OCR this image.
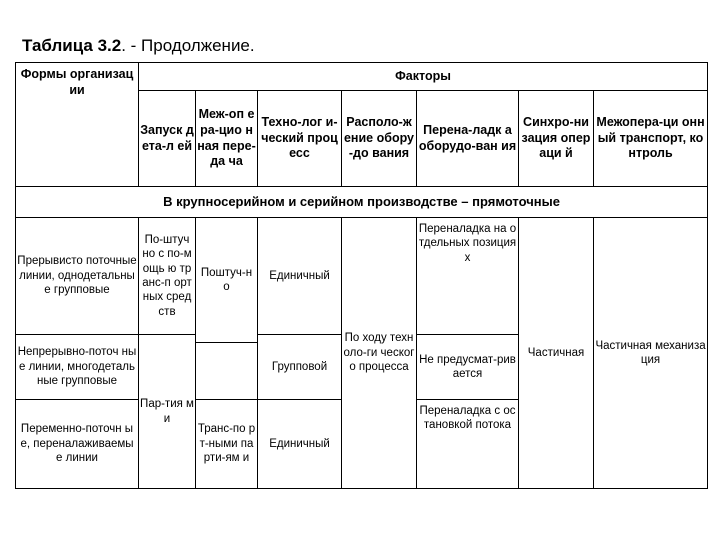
Таблица 3.2. - Продолжение.
Формы организации	Факторы						
	Запуск дета-л ей	Меж-оп ера-цио нная пере-да ча	Техно-лог и-ческий процесс	Располо-жение обору-до вания	Перена-ладк а оборудо-ван ия	Синхро-низация операци й	Межопера-ци онный транспорт, контроль
В крупносерийном и серийном производстве – прямоточные							
Прерывисто поточные линии, однодетальные групповые	По-штуч но с по-мощь ю транс-п ортных средств	Поштуч-н о	Единичный	По ходу техноло-ги ческого процесса	Переналадка на отдельных позициях	Частичная	Частичная механизация

Непрерывно-поточ ные линии, многодетальные групповые	Пар-тия ми		Групповой		Не предусмат-рив ается		

Переменно-поточн ые, переналаживаемы е линии		Транс-по рт-ными парти-ям и	Единичный		Переналадка с остановкой потока		
